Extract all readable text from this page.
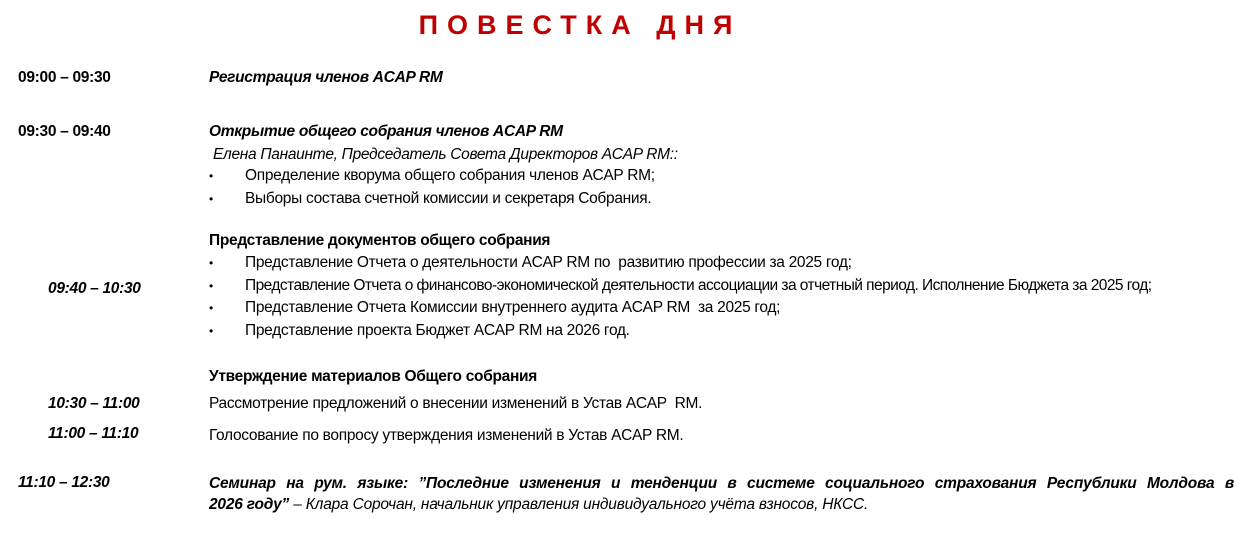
ПОВЕСТКА ДНЯ
09:00 – 09:30	Регистрация членов ACAP RM
09:30 – 09:40	Открытие общего собрания членов ACAP RM
Елена Панаинте, Председатель Совета Директоров ACAP RM::
• Определение кворума общего собрания членов ACAP RM;
• Выборы состава счетной комиссии и секретаря Собрания.
Представление документов общего собрания
• Представление Отчета о деятельности ACAP RM по  развитию профессии за 2025 год;
09:40 – 10:30	• Представление Отчета о финансово-экономической деятельности ассоциации за отчетный период. Исполнение Бюджета за 2025 год;
• Представление Отчета Комиссии внутреннего аудита ACAP RM  за 2025 год;
• Представление проекта Бюджет ACAP RM на 2026 год.
Утверждение материалов Общего собрания
10:30 – 11:00	Рассмотрение предложений о внесении изменений в Устав ACAP  RM.
11:00 – 11:10	Голосование по вопросу утверждения изменений в Устав ACAP RM.
11:10 – 12:30	Семинар на рум. языке: ”Последние изменения и тенденции в системе социального страхования Республики Молдова в
2026 году” – Клара Сорочан, начальник управления индивидуального учёта взносов, НКСС.
